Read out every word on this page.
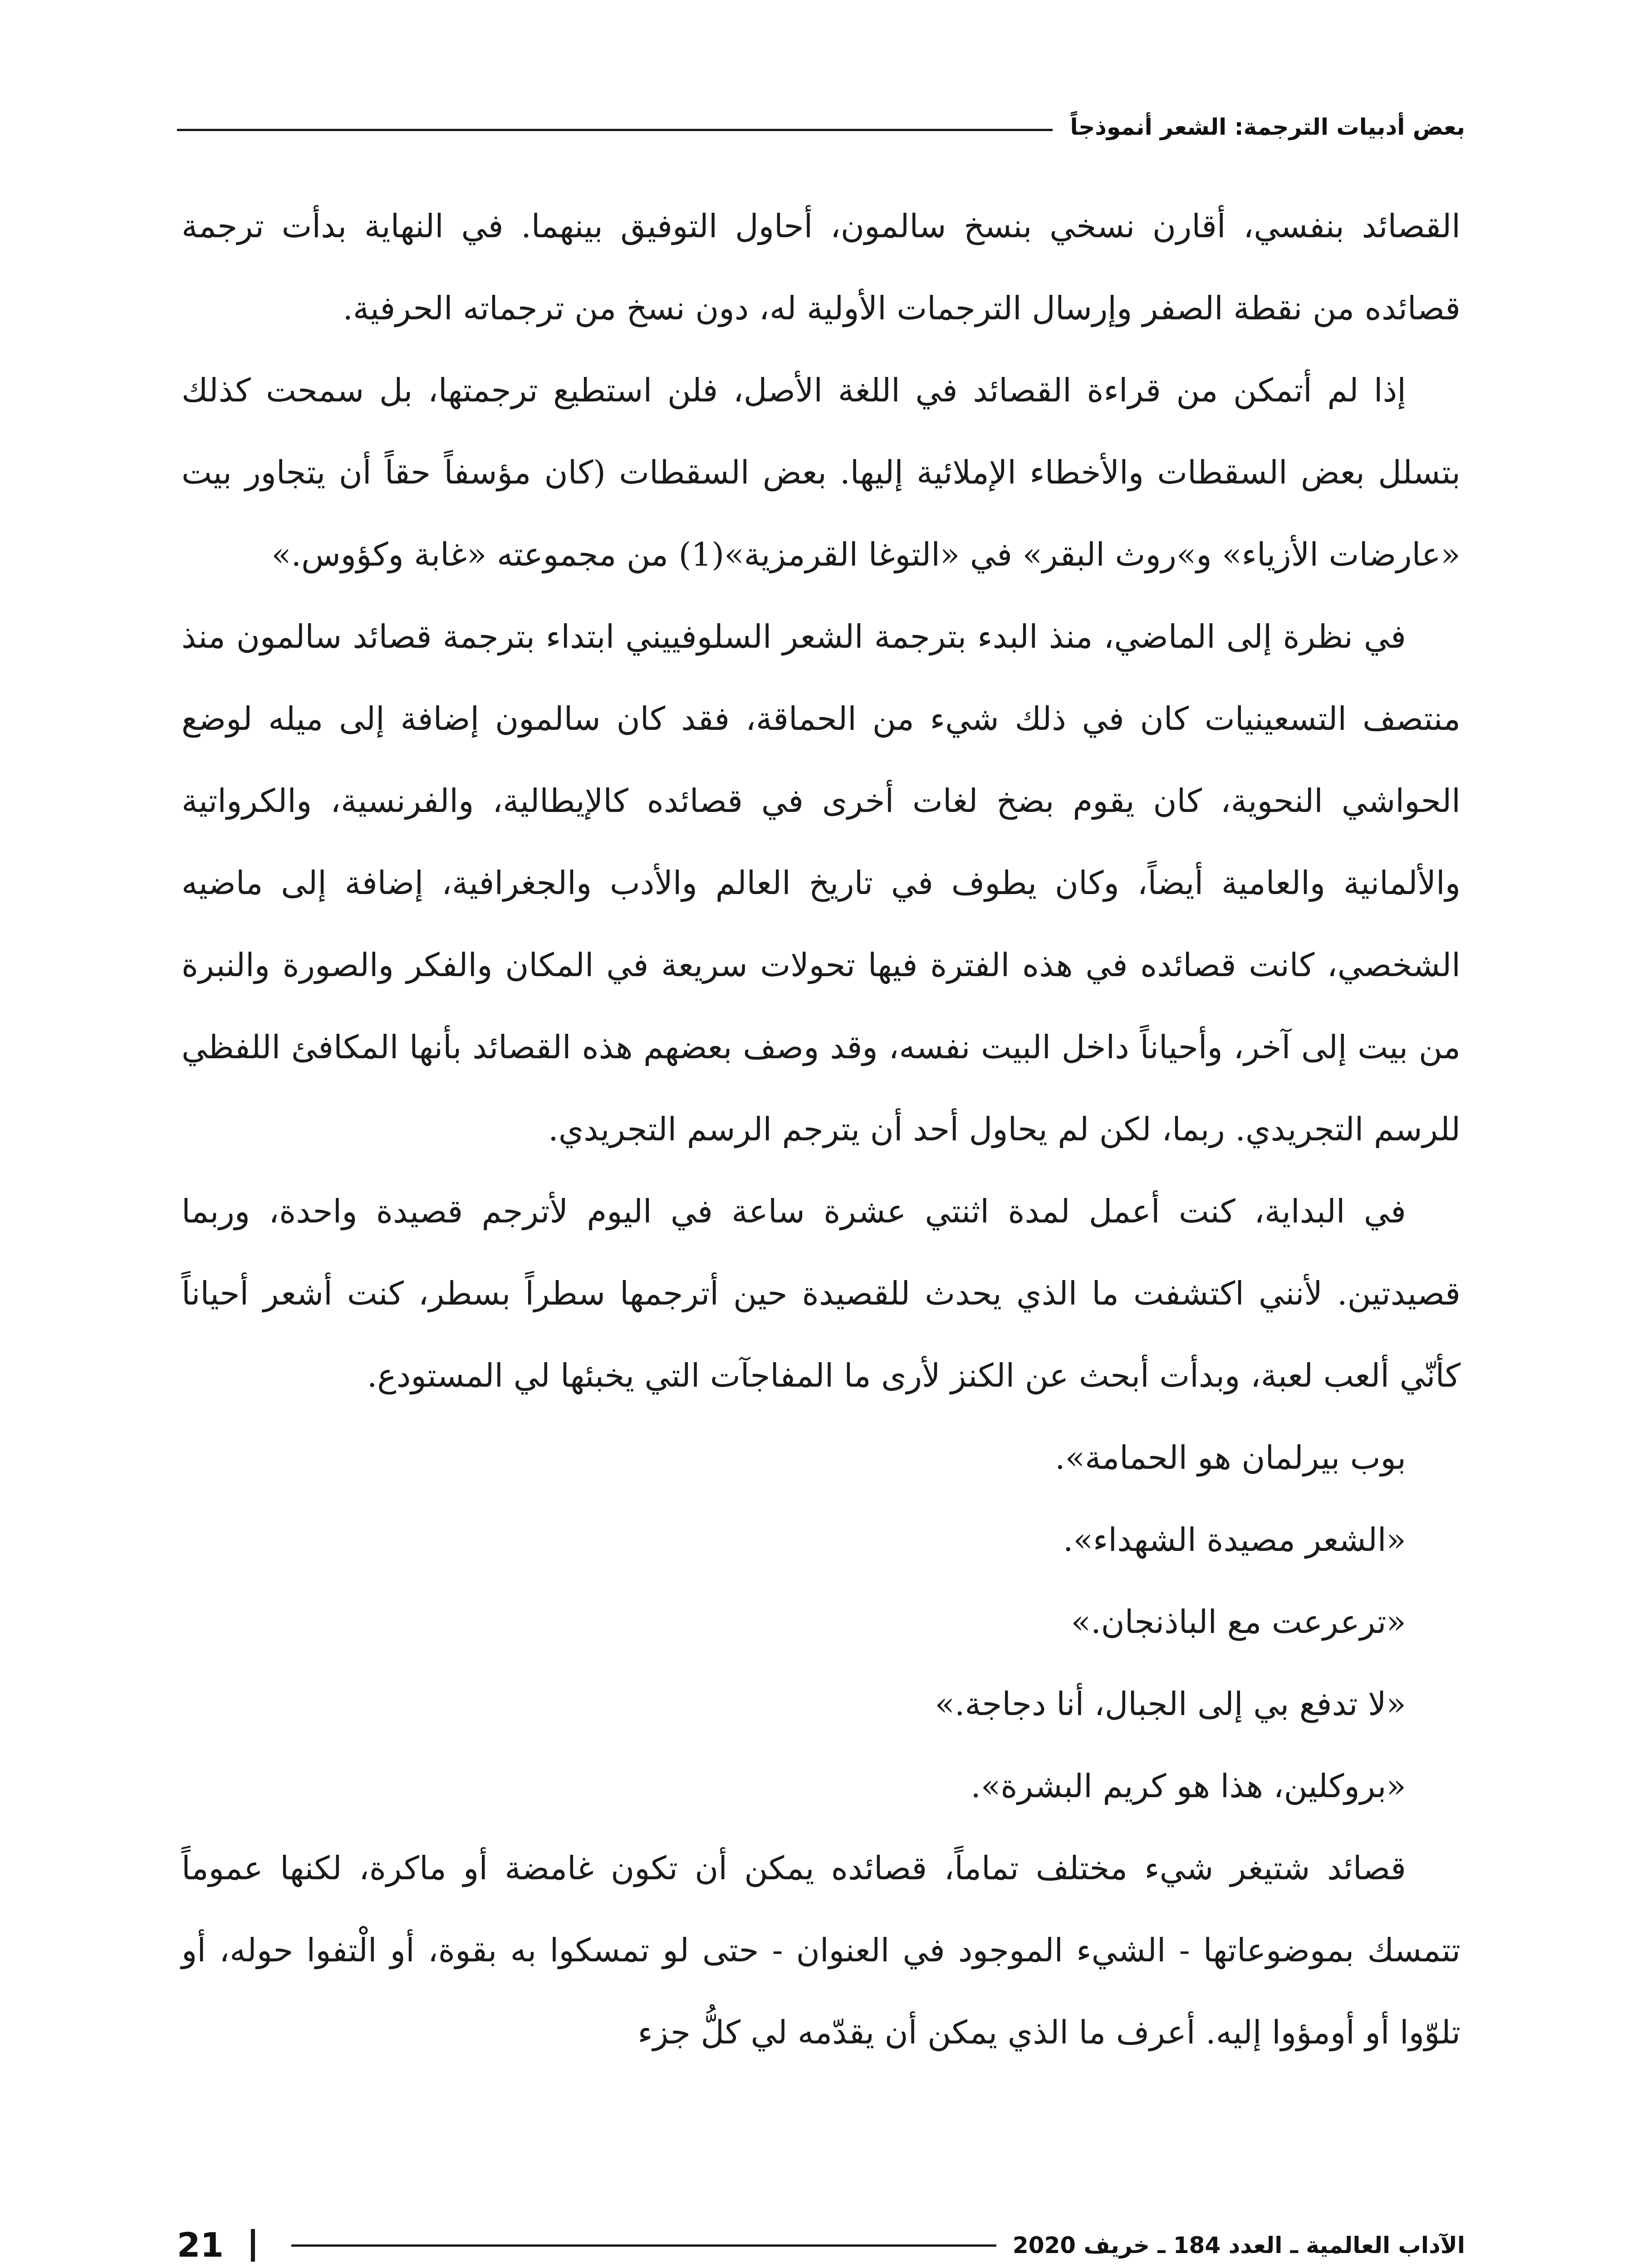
بعض أدبيات الترجمة: الشعر أنموذجاً

القصائد بنفسي، أقارن نسخي بنسخ سالمون، أحاول التوفيق بينهما. في النهاية بدأت ترجمة قصائده من نقطة الصفر وإرسال الترجمات الأولية له، دون نسخ من ترجماته الحرفية.

إذا لم أتمكن من قراءة القصائد في اللغة الأصل، فلن استطيع ترجمتها، بل سمحت كذلك بتسلل بعض السقطات والأخطاء الإملائية إليها. بعض السقطات (كان مؤسفاً حقاً أن يتجاور بيت «عارضات الأزياء» و»روث البقر» في «التوغا القرمزية»(1) من مجموعته «غابة وكؤوس.»

في نظرة إلى الماضي، منذ البدء بترجمة الشعر السلوفييني ابتداء بترجمة قصائد سالمون منذ منتصف التسعينيات كان في ذلك شيء من الحماقة، فقد كان سالمون إضافة إلى ميله لوضع الحواشي النحوية، كان يقوم بضخ لغات أخرى في قصائده كالإيطالية، والفرنسية، والكرواتية والألمانية والعامية أيضاً، وكان يطوف في تاريخ العالم والأدب والجغرافية، إضافة إلى ماضيه الشخصي، كانت قصائده في هذه الفترة فيها تحولات سريعة في المكان والفكر والصورة والنبرة من بيت إلى آخر، وأحياناً داخل البيت نفسه، وقد وصف بعضهم هذه القصائد بأنها المكافئ اللفظي للرسم التجريدي. ربما، لكن لم يحاول أحد أن يترجم الرسم التجريدي.

في البداية، كنت أعمل لمدة اثنتي عشرة ساعة في اليوم لأترجم قصيدة واحدة، وربما قصيدتين. لأنني اكتشفت ما الذي يحدث للقصيدة حين أترجمها سطراً بسطر، كنت أشعر أحياناً كأنّي ألعب لعبة، وبدأت أبحث عن الكنز لأرى ما المفاجآت التي يخبئها لي المستودع.

بوب بيرلمان هو الحمامة».

«الشعر مصيدة الشهداء».

«ترعرعت مع الباذنجان.»

«لا تدفع بي إلى الجبال، أنا دجاجة.»

«بروكلين، هذا هو كريم البشرة».

قصائد شتيغر شيء مختلف تماماً، قصائده يمكن أن تكون غامضة أو ماكرة، لكنها عموماً تتمسك بموضوعاتها - الشيء الموجود في العنوان - حتى لو تمسكوا به بقوة، أو الْتفوا حوله، أو تلوّوا أو أومؤوا إليه. أعرف ما الذي يمكن أن يقدّمه لي كلُّ جزء

الآداب العالمية ـ العدد 184 ـ خريف 2020
21
